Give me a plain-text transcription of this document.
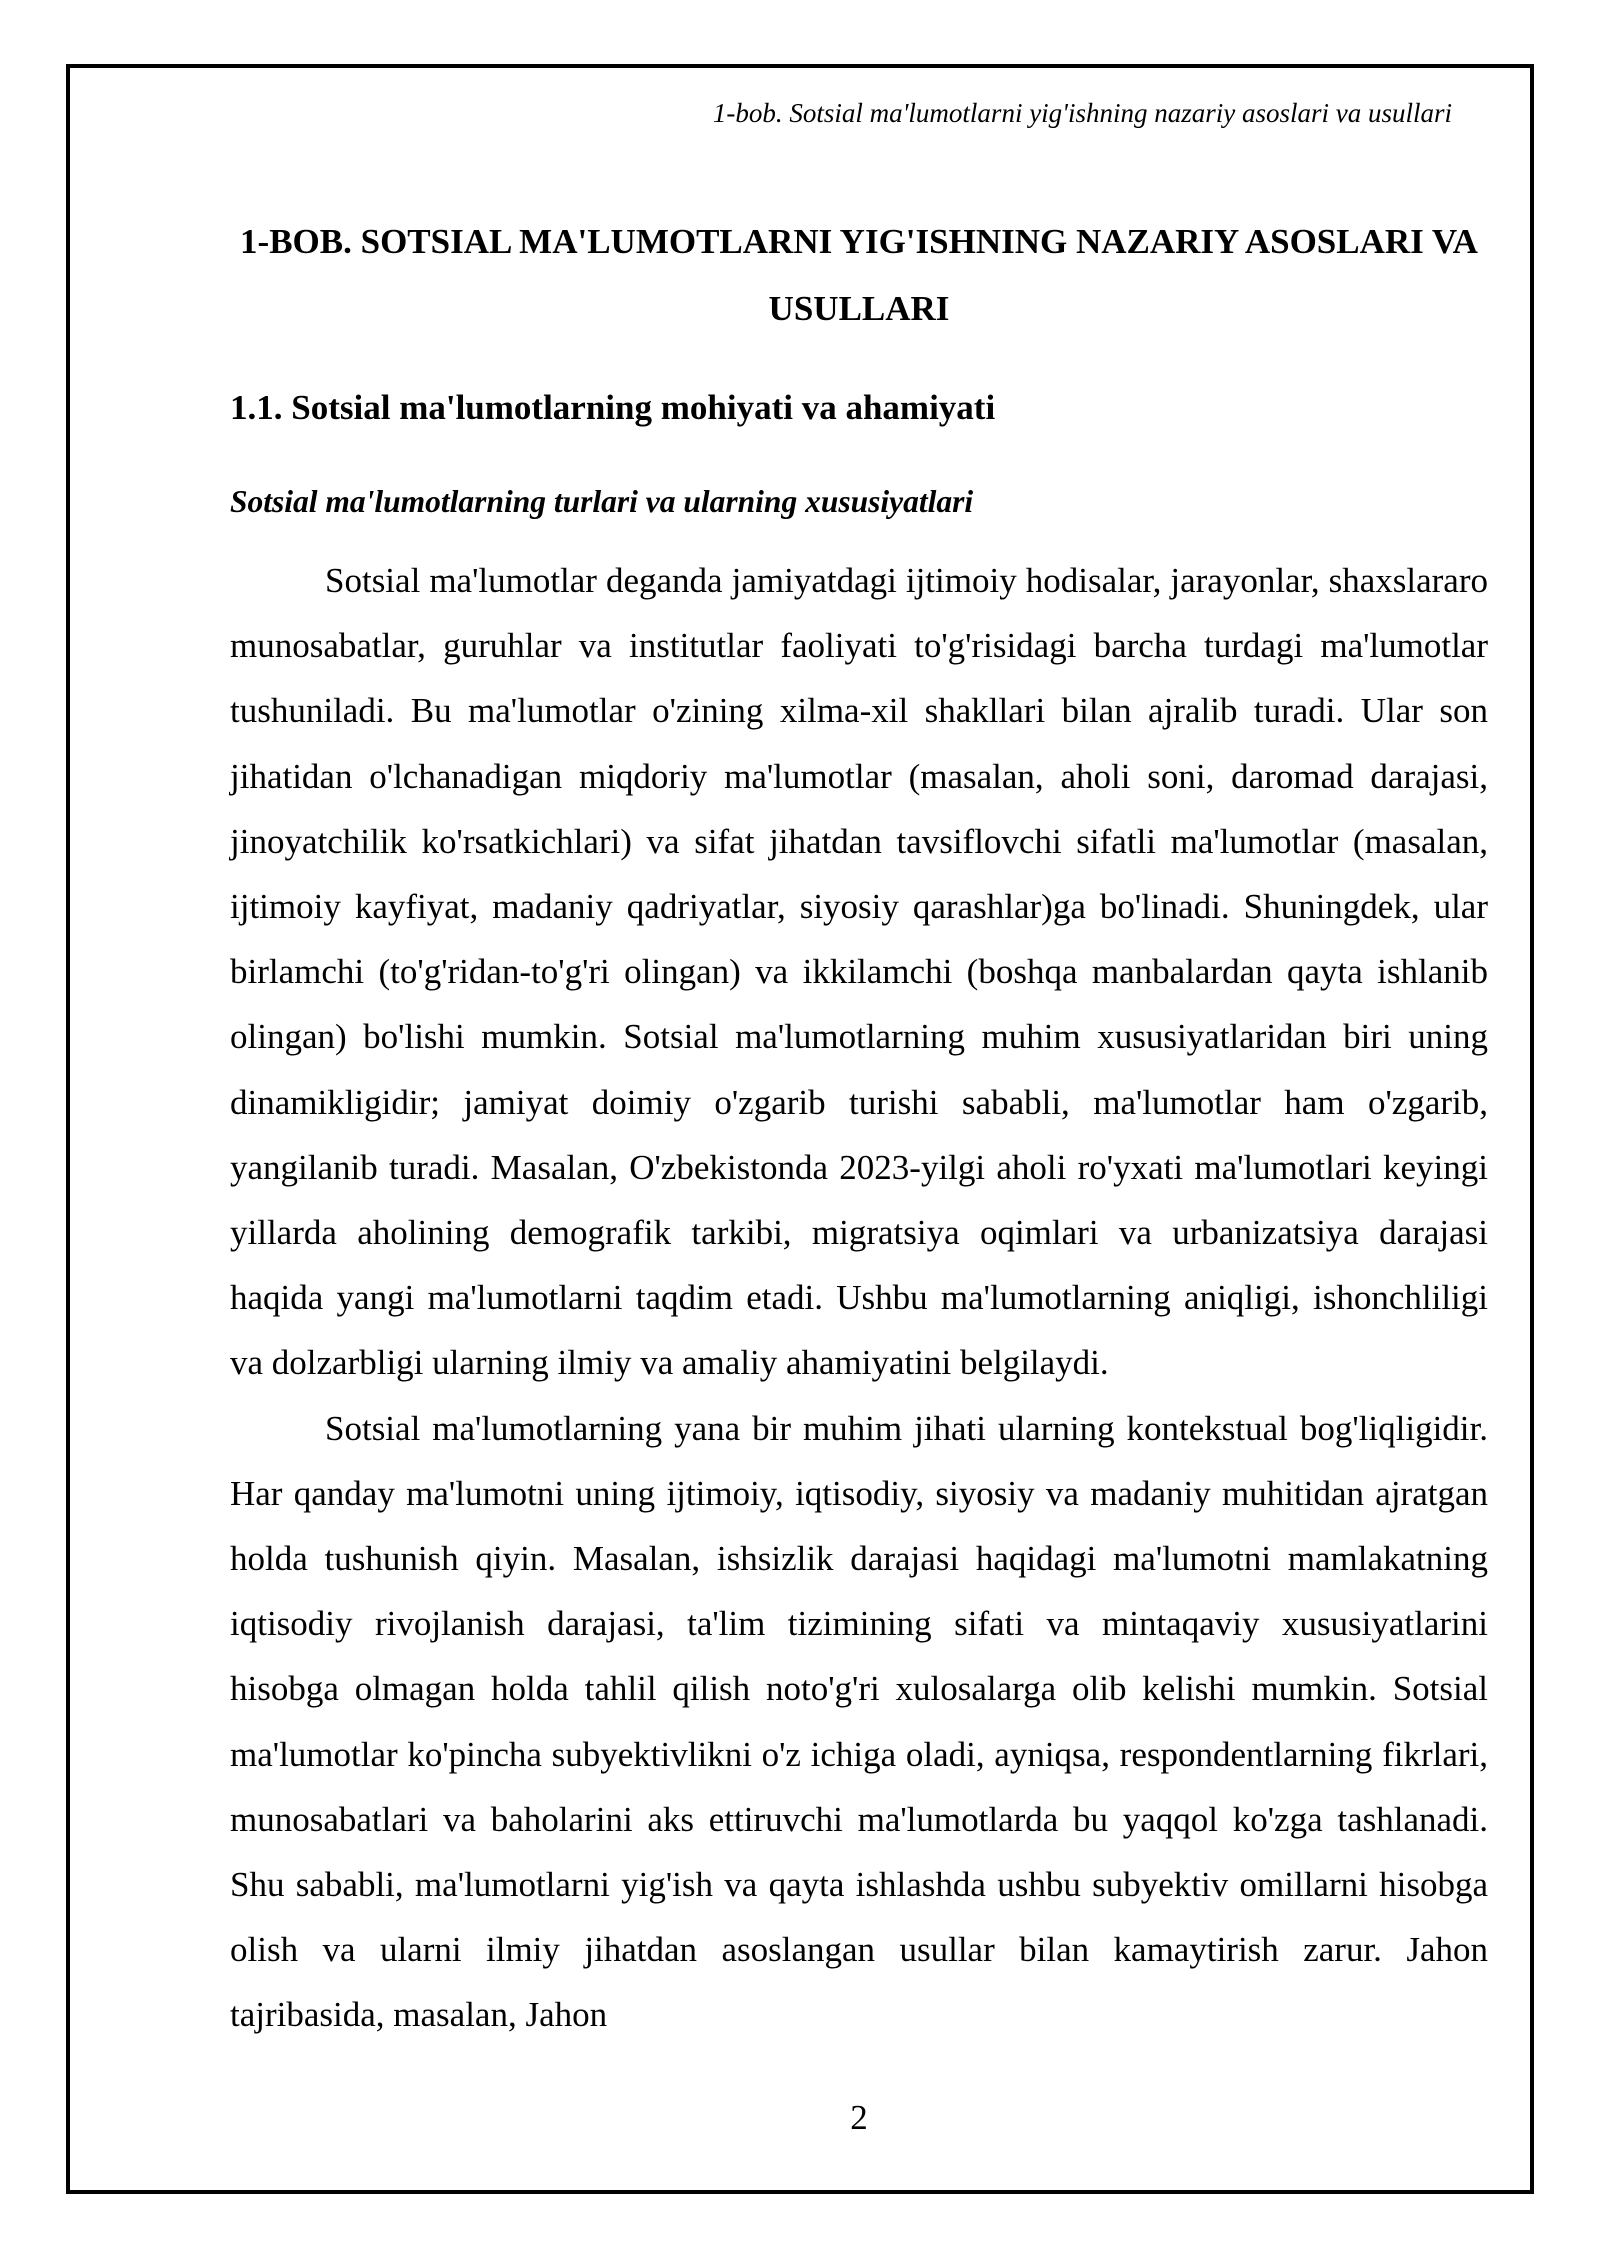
1-bob. Sotsial ma'lumotlarni yig'ishning nazariy asoslari va usullari
1-BOB. SOTSIAL MA'LUMOTLARNI YIG'ISHNING NAZARIY ASOSLARI VA USULLARI
1.1. Sotsial ma'lumotlarning mohiyati va ahamiyati
Sotsial ma'lumotlarning turlari va ularning xususiyatlari

Sotsial ma'lumotlar deganda jamiyatdagi ijtimoiy hodisalar, jarayonlar, shaxslararo munosabatlar, guruhlar va institutlar faoliyati to'g'risidagi barcha turdagi ma'lumotlar tushuniladi. Bu ma'lumotlar o'zining xilma-xil shakllari bilan ajralib turadi. Ular son jihatidan o'lchanadigan miqdoriy ma'lumotlar (masalan, aholi soni, daromad darajasi, jinoyatchilik ko'rsatkichlari) va sifat jihatdan tavsiflovchi sifatli ma'lumotlar (masalan, ijtimoiy kayfiyat, madaniy qadriyatlar, siyosiy qarashlar)ga bo'linadi. Shuningdek, ular birlamchi (to'g'ridan-to'g'ri olingan) va ikkilamchi (boshqa manbalardan qayta ishlanib olingan) bo'lishi mumkin. Sotsial ma'lumotlarning muhim xususiyatlaridan biri uning dinamikligidir; jamiyat doimiy o'zgarib turishi sababli, ma'lumotlar ham o'zgarib, yangilanib turadi. Masalan, O'zbekistonda 2023-yilgi aholi ro'yxati ma'lumotlari keyingi yillarda aholining demografik tarkibi, migratsiya oqimlari va urbanizatsiya darajasi haqida yangi ma'lumotlarni taqdim etadi. Ushbu ma'lumotlarning aniqligi, ishonchliligi va dolzarbligi ularning ilmiy va amaliy ahamiyatini belgilaydi.

Sotsial ma'lumotlarning yana bir muhim jihati ularning kontekstual bog'liqligidir. Har qanday ma'lumotni uning ijtimoiy, iqtisodiy, siyosiy va madaniy muhitidan ajratgan holda tushunish qiyin. Masalan, ishsizlik darajasi haqidagi ma'lumotni mamlakatning iqtisodiy rivojlanish darajasi, ta'lim tizimining sifati va mintaqaviy xususiyatlarini hisobga olmagan holda tahlil qilish noto'g'ri xulosalarga olib kelishi mumkin. Sotsial ma'lumotlar ko'pincha subyektivlikni o'z ichiga oladi, ayniqsa, respondentlarning fikrlari, munosabatlari va baholarini aks ettiruvchi ma'lumotlarda bu yaqqol ko'zga tashlanadi. Shu sababli, ma'lumotlarni yig'ish va qayta ishlashda ushbu subyektiv omillarni hisobga olish va ularni ilmiy jihatdan asoslangan usullar bilan kamaytirish zarur. Jahon tajribasida, masalan, Jahon

2
